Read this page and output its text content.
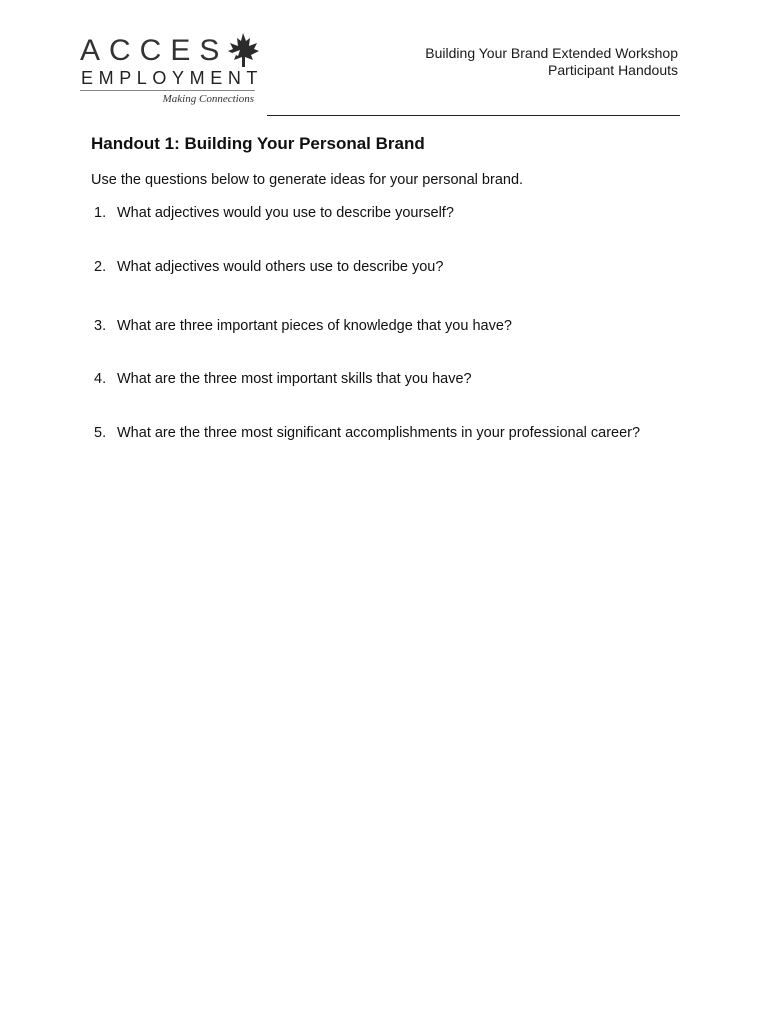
ACCES
EMPLOYMENT
Making Connections
Building Your Brand Extended Workshop
Participant Handouts
Handout 1: Building Your Personal Brand
Use the questions below to generate ideas for your personal brand.
1. What adjectives would you use to describe yourself?
2. What adjectives would others use to describe you?
3. What are three important pieces of knowledge that you have?
4. What are the three most important skills that you have?
5. What are the three most significant accomplishments in your professional career?
